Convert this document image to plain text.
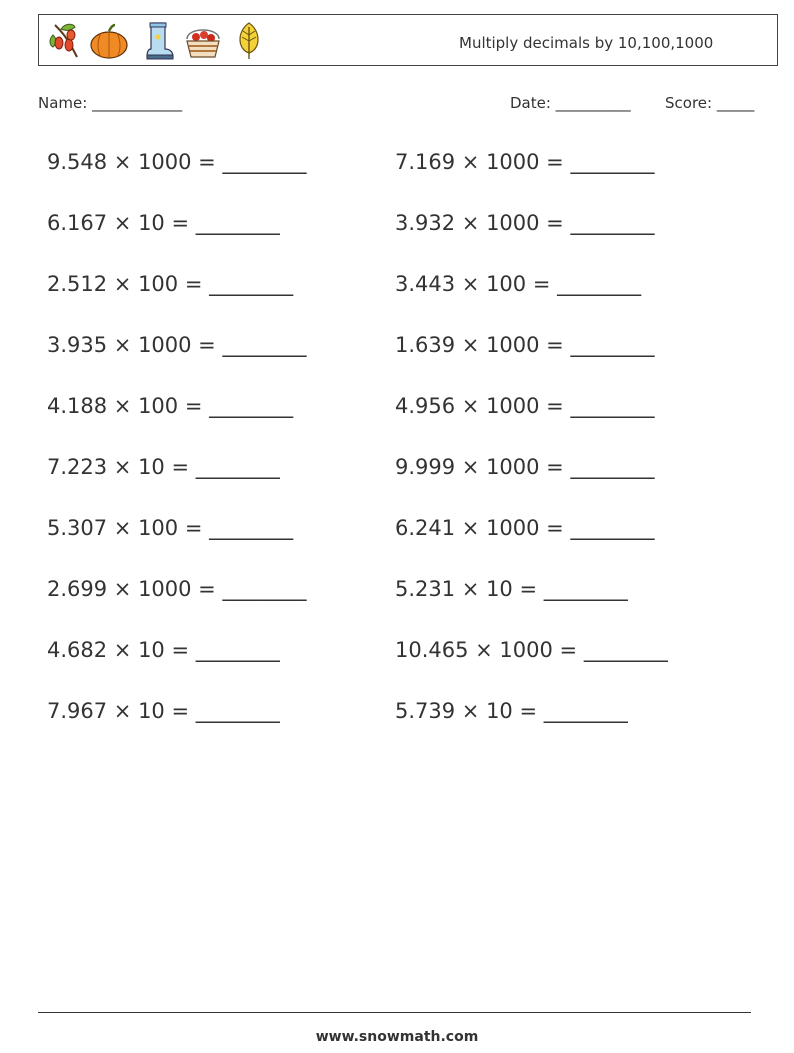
Multiply decimals by 10,100,1000
Name: ____________	Date: __________ Score: _____
9.548 × 1000 = ________
6.167 × 10 = ________
2.512 × 100 = ________
3.935 × 1000 = ________
4.188 × 100 = ________
7.223 × 10 = ________
5.307 × 100 = ________
2.699 × 1000 = ________
4.682 × 10 = ________
7.967 × 10 = ________
7.169 × 1000 = ________
3.932 × 1000 = ________
3.443 × 100 = ________
1.639 × 1000 = ________
4.956 × 1000 = ________
9.999 × 1000 = ________
6.241 × 1000 = ________
5.231 × 10 = ________
10.465 × 1000 = ________
5.739 × 10 = ________
www.snowmath.com
